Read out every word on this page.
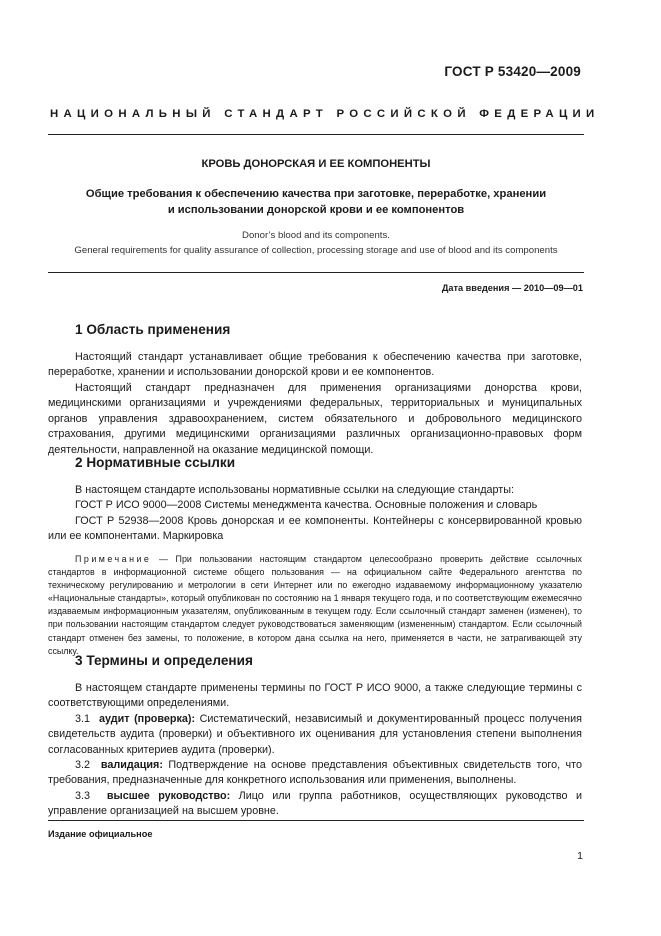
ГОСТ Р 53420—2009
НАЦИОНАЛЬНЫЙ СТАНДАРТ РОССИЙСКОЙ ФЕДЕРАЦИИ
КРОВЬ ДОНОРСКАЯ И ЕЕ КОМПОНЕНТЫ
Общие требования к обеспечению качества при заготовке, переработке, хранении
и использовании донорской крови и ее компонентов
Donor’s blood and its components.
General requirements for quality assurance of collection, processing storage and use of blood and its components
Дата введения — 2010—09—01
1 Область применения

Настоящий стандарт устанавливает общие требования к обеспечению качества при заготовке, переработке, хранении и использовании донорской крови и ее компонентов.

Настоящий стандарт предназначен для применения организациями донорства крови, медицинскими организациями и учреждениями федеральных, территориальных и муниципальных органов управления здравоохранением, систем обязательного и добровольного медицинского страхования, другими медицинскими организациями различных организационно-правовых форм деятельности, направленной на оказание медицинской помощи.

2 Нормативные ссылки
В настоящем стандарте использованы нормативные ссылки на следующие стандарты:
ГОСТ Р ИСО 9000—2008 Системы менеджмента качества. Основные положения и словарь

ГОСТ Р 52938—2008 Кровь донорская и ее компоненты. Контейнеры с консервированной кровью или ее компонентами. Маркировка

Примечание — При пользовании настоящим стандартом целесообразно проверить действие ссылочных стандартов в информационной системе общего пользования — на официальном сайте Федерального агентства по техническому регулированию и метрологии в сети Интернет или по ежегодно издаваемому информационному указателю «Национальные стандарты», который опубликован по состоянию на 1 января текущего года, и по соответствующим ежемесячно издаваемым информационным указателям, опубликованным в текущем году. Если ссылочный стандарт заменен (изменен), то при пользовании настоящим стандартом следует руководствоваться заменяющим (измененным) стандартом. Если ссылочный стандарт отменен без замены, то положение, в котором дана ссылка на него, применяется в части, не затрагивающей эту ссылку.

3 Термины и определения

В настоящем стандарте применены термины по ГОСТ Р ИСО 9000, а также следующие термины с соответствующими определениями.

3.1 аудит (проверка): Систематический, независимый и документированный процесс получения свидетельств аудита (проверки) и объективного их оценивания для установления степени выполнения согласованных критериев аудита (проверки).

3.2 валидация: Подтверждение на основе представления объективных свидетельств того, что требования, предназначенные для конкретного использования или применения, выполнены.

3.3 высшее руководство: Лицо или группа работников, осуществляющих руководство и управление организацией на высшем уровне.

Издание официальное
1
